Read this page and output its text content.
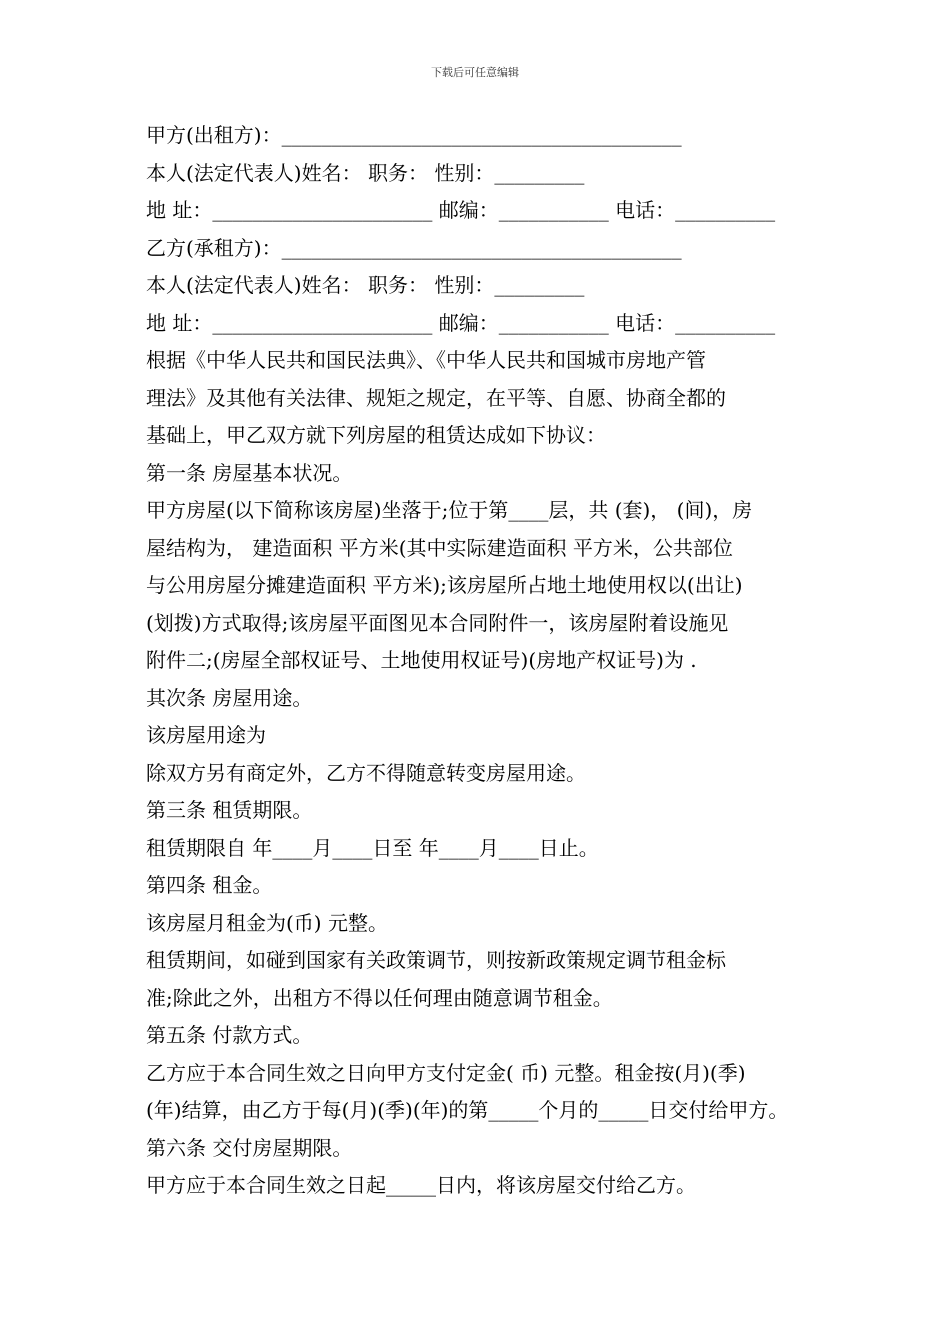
下载后可任意编辑
甲方(出租方)：________________________________________
本人(法定代表人)姓名： 职务： 性别：_________
地 址：______________________ 邮编：___________ 电话：__________
乙方(承租方)：________________________________________
本人(法定代表人)姓名： 职务： 性别：_________
地 址：______________________ 邮编：___________ 电话：__________
根据《中华人民共和国民法典》、《中华人民共和国城市房地产管
理法》及其他有关法律、规矩之规定，在平等、自愿、协商全都的
基础上，甲乙双方就下列房屋的租赁达成如下协议：
第一条 房屋基本状况。
甲方房屋(以下简称该房屋)坐落于;位于第____层，共 (套)， (间)，房
屋结构为， 建造面积 平方米(其中实际建造面积 平方米，公共部位
与公用房屋分摊建造面积 平方米);该房屋所占地土地使用权以(出让)
(划拨)方式取得;该房屋平面图见本合同附件一，该房屋附着设施见
附件二;(房屋全部权证号、土地使用权证号)(房地产权证号)为 .
其次条 房屋用途。
该房屋用途为
除双方另有商定外，乙方不得随意转变房屋用途。
第三条 租赁期限。
租赁期限自 年____月____日至 年____月____日止。
第四条 租金。
该房屋月租金为(币) 元整。
租赁期间，如碰到国家有关政策调节，则按新政策规定调节租金标
准;除此之外，出租方不得以任何理由随意调节租金。
第五条 付款方式。
乙方应于本合同生效之日向甲方支付定金( 币) 元整。租金按(月)(季)
(年)结算，由乙方于每(月)(季)(年)的第_____个月的_____日交付给甲方。
第六条 交付房屋期限。
甲方应于本合同生效之日起_____日内，将该房屋交付给乙方。
